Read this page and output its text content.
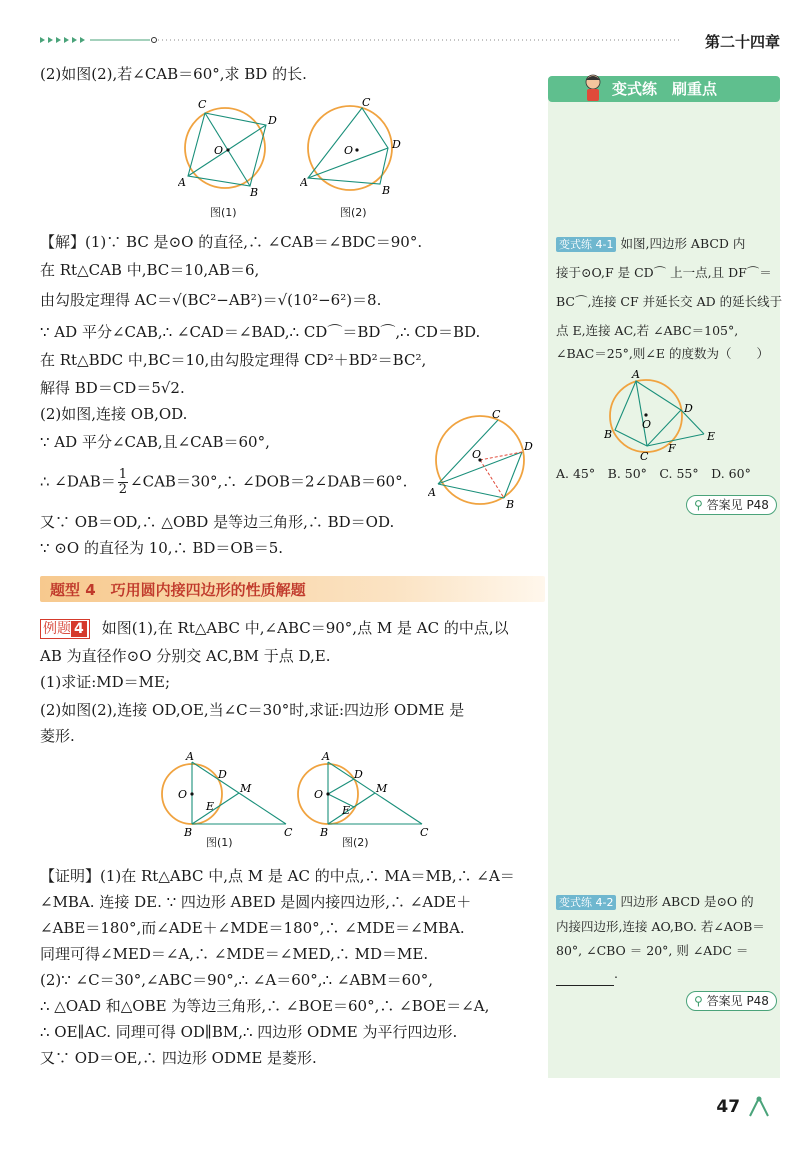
第二十四章
变式练　刷重点
变式练 4-1 如图,四边形 ABCD 内
接于⊙O,F 是 CD⌒ 上一点,且 DF⌒＝
BC⌒,连接 CF 并延长交 AD 的延长线于
点 E,连接 AC,若 ∠ABC＝105°,
∠BAC＝25°,则∠E 的度数为（　　）
A
B
C
D
E
F
O
A. 45°　B. 50°　C. 55°　D. 60°
⚲ 答案见 P48
变式练 4-2 四边形 ABCD 是⊙O 的
内接四边形,连接 AO,BO. 若∠AOB＝
80°, ∠CBO ＝ 20°, 则 ∠ADC ＝
.
⚲ 答案见 P48
(2)如图(2),若∠CAB＝60°,求 BD 的长.
C
A
B
D
O
C
A
B
D
O
图(1)	图(2)
【解】(1)∵ BC 是⊙O 的直径,∴ ∠CAB＝∠BDC＝90°.
在 Rt△CAB 中,BC＝10,AB＝6,
由勾股定理得 AC＝√(BC²−AB²)＝√(10²−6²)＝8.
∵ AD 平分∠CAB,∴ ∠CAD＝∠BAD,∴ CD⌒＝BD⌒,∴ CD＝BD.
在 Rt△BDC 中,BC＝10,由勾股定理得 CD²＋BD²＝BC²,
解得 BD＝CD＝5√2.
(2)如图,连接 OB,OD.
∵ AD 平分∠CAB,且∠CAB＝60°,
∴ ∠DAB＝ $\frac{1}{2}$ ∠CAB＝30°,∴ ∠DOB＝2∠DAB＝60°.
又∵ OB＝OD,∴ △OBD 是等边三角形,∴ BD＝OD.
∵ ⊙O 的直径为 10,∴ BD＝OB＝5.
C
A
B
D
O
题型 4　巧用圆内接四边形的性质解题
例题 4 如图(1),在 Rt△ABC 中,∠ABC＝90°,点 M 是 AC 的中点,以
AB 为直径作⊙O 分别交 AC,BM 于点 D,E.
(1)求证:MD＝ME;
(2)如图(2),连接 OD,OE,当∠C＝30°时,求证:四边形 ODME 是
菱形.
A
B	C
D
E
M
O
A
B	C
D
E
M
O
图(1)	图(2)
【证明】(1)在 Rt△ABC 中,点 M 是 AC 的中点,∴ MA＝MB,∴ ∠A＝
∠MBA. 连接 DE. ∵ 四边形 ABED 是圆内接四边形,∴ ∠ADE＋
∠ABE＝180°,而∠ADE＋∠MDE＝180°,∴ ∠MDE＝∠MBA.
同理可得∠MED＝∠A,∴ ∠MDE＝∠MED,∴ MD＝ME.
(2)∵ ∠C＝30°,∠ABC＝90°,∴ ∠A＝60°,∴ ∠ABM＝60°,
∴ △OAD 和△OBE 为等边三角形,∴ ∠BOE＝60°,∴ ∠BOE＝∠A,
∴ OE∥AC. 同理可得 OD∥BM,∴ 四边形 ODME 为平行四边形.
又∵ OD＝OE,∴ 四边形 ODME 是菱形.
47
